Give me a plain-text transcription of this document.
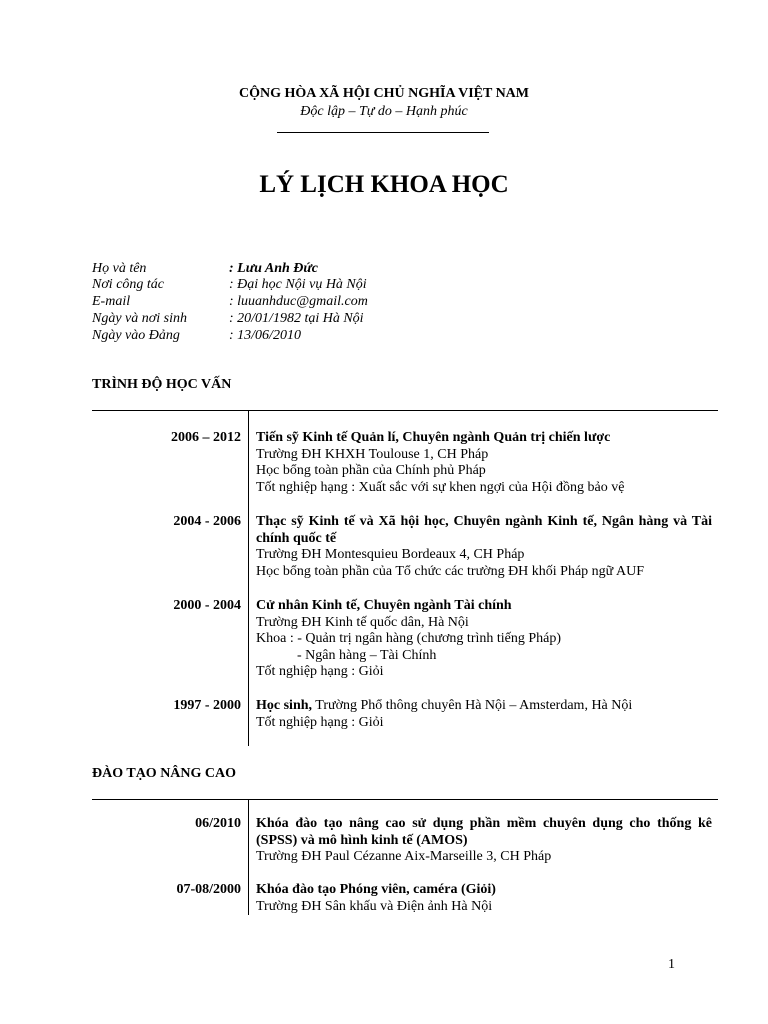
CỘNG HÒA XÃ HỘI CHỦ NGHĨA VIỆT NAM
Độc lập – Tự do – Hạnh phúc
LÝ LỊCH KHOA HỌC
Họ và tên	: Lưu Anh Đức
Nơi công tác	: Đại học Nội vụ Hà Nội
E-mail	: luuanhduc@gmail.com
Ngày và nơi sinh	: 20/01/1982 tại Hà Nội
Ngày vào Đảng	: 13/06/2010
TRÌNH ĐỘ HỌC VẤN
2006 – 2012 Tiến sỹ Kinh tế Quản lí, Chuyên ngành Quản trị chiến lược
Trường ĐH KHXH Toulouse 1, CH Pháp
Học bổng toàn phần của Chính phủ Pháp
Tốt nghiệp hạng : Xuất sắc với sự khen ngợi của Hội đồng bảo vệ
2004 - 2006 Thạc sỹ Kinh tế và Xã hội học, Chuyên ngành Kinh tế, Ngân hàng và Tài chính quốc tế
Trường ĐH Montesquieu Bordeaux 4, CH Pháp
Học bổng toàn phần của Tổ chức các trường ĐH khối Pháp ngữ AUF
2000 - 2004 Cử nhân Kinh tế, Chuyên ngành Tài chính
Trường ĐH Kinh tế quốc dân, Hà Nội
Khoa : - Quản trị ngân hàng (chương trình tiếng Pháp)
- Ngân hàng – Tài Chính
Tốt nghiệp hạng : Giỏi
1997 - 2000 Học sinh, Trường Phổ thông chuyên Hà Nội – Amsterdam, Hà Nội
Tốt nghiệp hạng : Giỏi
ĐÀO TẠO NÂNG CAO
06/2010 Khóa đào tạo nâng cao sử dụng phần mềm chuyên dụng cho thống kê (SPSS) và mô hình kinh tế (AMOS)
Trường ĐH Paul Cézanne Aix-Marseille 3, CH Pháp
07-08/2000 Khóa đào tạo Phóng viên, caméra (Giỏi)
Trường ĐH Sân khấu và Điện ảnh Hà Nội
1
